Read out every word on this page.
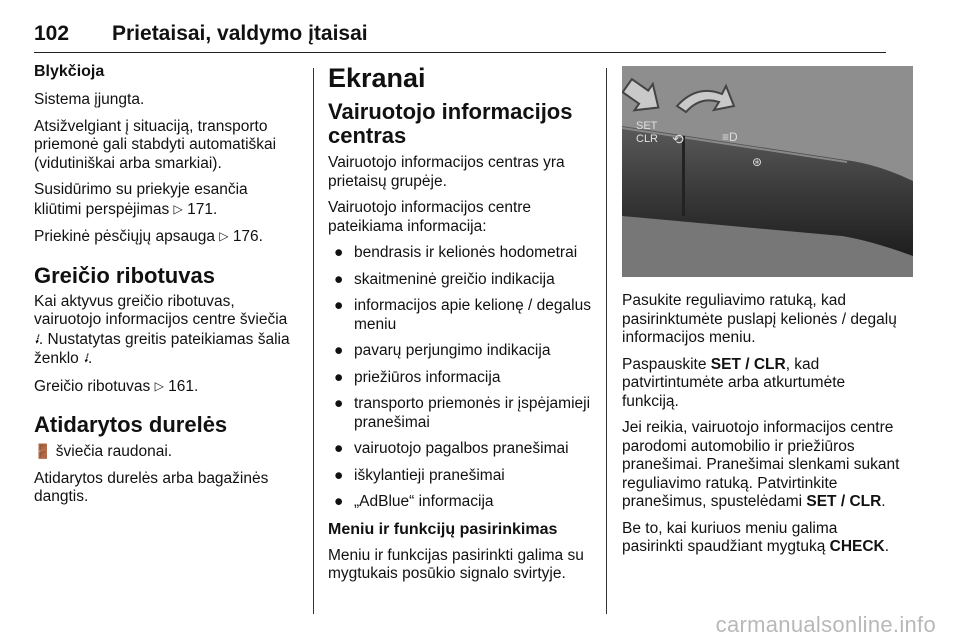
102 Prietaisai, valdymo įtaisai
Blykčioja

Sistema įjungta.

Atsižvelgiant į situaciją, transporto priemonė gali stabdyti automatiškai (vidutiniškai arba smarkiai).

Susidūrimo su priekyje esančia kliūtimi perspėjimas ▷ 171.

Priekinė pėsčiųjų apsauga ▷ 176.

Greičio ribotuvas

Kai aktyvus greičio ribotuvas, vairuotojo informacijos centre šviečia ⭭. Nustatytas greitis pateikiamas šalia ženklo ⭭.

Greičio ribotuvas ▷ 161.

Atidarytos durelės

🚪 šviečia raudonai.

Atidarytos durelės arba bagažinės dangtis.

Ekranai
Vairuotojo informacijos centras

Vairuotojo informacijos centras yra prietaisų grupėje.

Vairuotojo informacijos centre pateikiama informacija:

● bendrasis ir kelionės hodometrai
● skaitmeninė greičio indikacija
● informacijos apie kelionę / degalus meniu
● pavarų perjungimo indikacija
● priežiūros informacija
● transporto priemonės ir įspėjamieji pranešimai
● vairuotojo pagalbos pranešimai
● iškylantieji pranešimai
● „AdBlue“ informacija
Meniu ir funkcijų pasirinkimas

Meniu ir funkcijas pasirinkti galima su mygtukais posūkio signalo svirtyje.

SET
CLR ⟲	≡D
⊛

Pasukite reguliavimo ratuką, kad pasirinktumėte puslapį kelionės / degalų informacijos meniu.

Paspauskite SET / CLR, kad patvirtintumėte arba atkurtumėte funkciją.

Jei reikia, vairuotojo informacijos centre parodomi automobilio ir priežiūros pranešimai. Pranešimai slenkami sukant reguliavimo ratuką. Patvirtinkite pranešimus, spustelėdami SET / CLR.

Be to, kai kuriuos meniu galima pasirinkti spaudžiant mygtuką CHECK.

carmanualsonline.info
